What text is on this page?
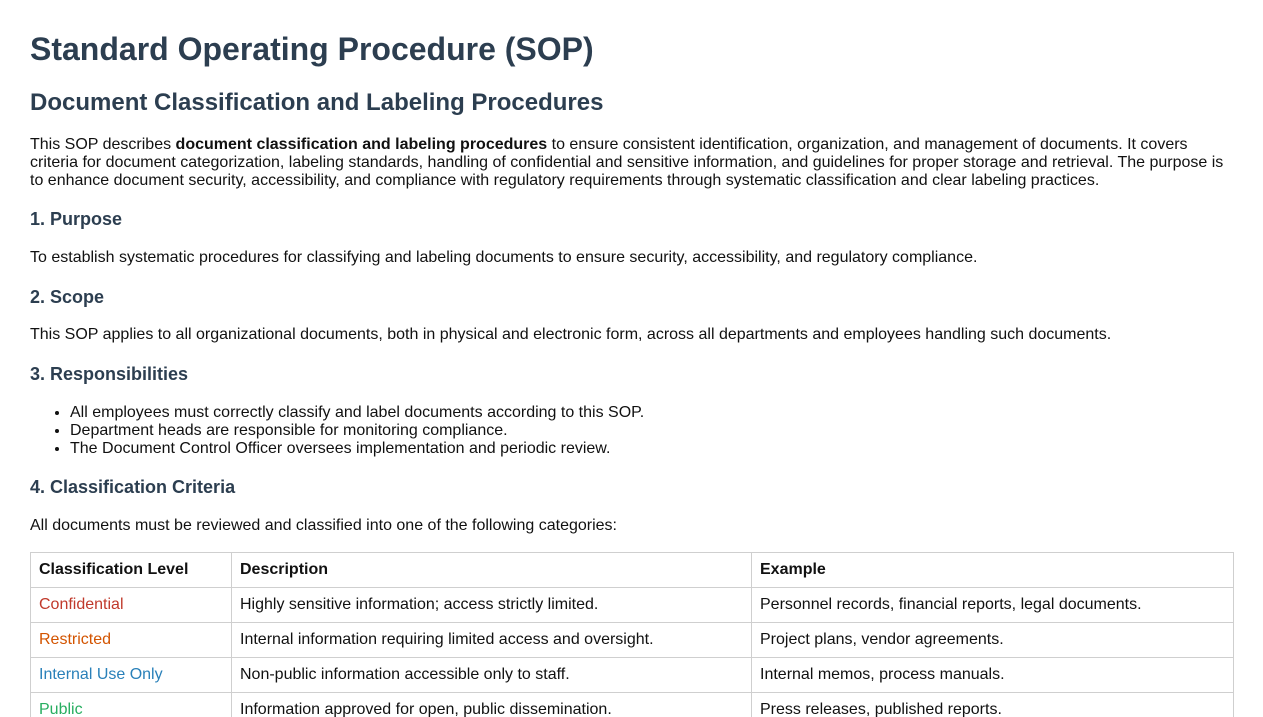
Standard Operating Procedure (SOP)
Document Classification and Labeling Procedures

This SOP describes document classification and labeling procedures to ensure consistent identification, organization, and management of documents. It covers criteria for document categorization, labeling standards, handling of confidential and sensitive information, and guidelines for proper storage and retrieval. The purpose is to enhance document security, accessibility, and compliance with regulatory requirements through systematic classification and clear labeling practices.

1. Purpose

To establish systematic procedures for classifying and labeling documents to ensure security, accessibility, and regulatory compliance.

2. Scope

This SOP applies to all organizational documents, both in physical and electronic form, across all departments and employees handling such documents.

3. Responsibilities
• All employees must correctly classify and label documents according to this SOP.
• Department heads are responsible for monitoring compliance.
• The Document Control Officer oversees implementation and periodic review.
4. Classification Criteria

All documents must be reviewed and classified into one of the following categories:

Classification Level	Description	Example
Confidential	Highly sensitive information; access strictly limited.	Personnel records, financial reports, legal documents.
Restricted	Internal information requiring limited access and oversight.	Project plans, vendor agreements.
Internal Use Only	Non-public information accessible only to staff.	Internal memos, process manuals.
Public	Information approved for open, public dissemination.	Press releases, published reports.
